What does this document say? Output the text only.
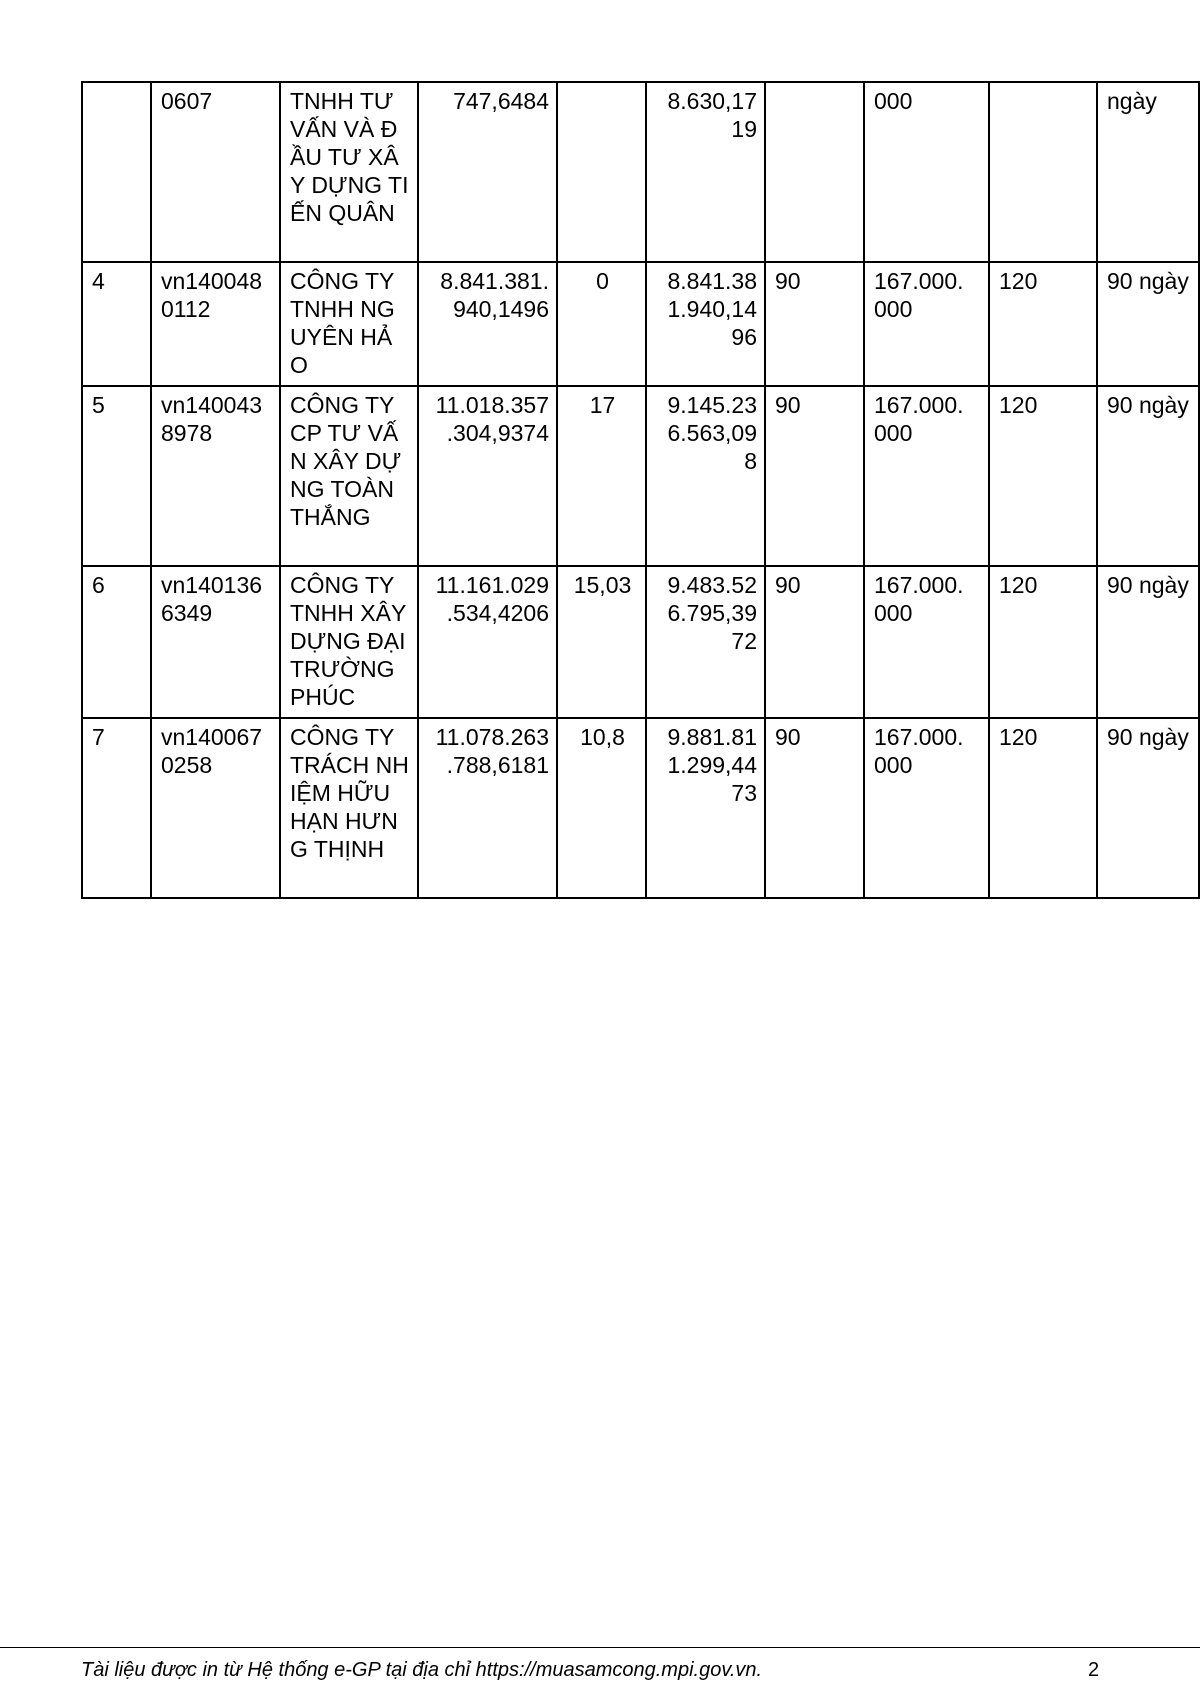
	0607	TNHH TƯ VẤN VÀ ĐẦU TƯ XÂY DỰNG TIẾN QUÂN	747,6484		8.630,17 19		000		ngày
4	vn140048 0112	CÔNG TY TNHH NGUYÊN HẢO	8.841.381. 940,1496	0	8.841.38 1.940,14 96	90	167.000. 000	120	90 ngày
5	vn140043 8978	CÔNG TY CP TƯ VẤN XÂY DỰNG TOÀN THẮNG	11.018.357 .304,9374	17	9.145.23 6.563,09 8	90	167.000. 000	120	90 ngày
6	vn140136 6349	CÔNG TY TNHH XÂY DỰNG ĐẠI TRƯỜNG PHÚC	11.161.029 .534,4206	15,03	9.483.52 6.795,39 72	90	167.000. 000	120	90 ngày
7	vn140067 0258	CÔNG TY TRÁCH NHIỆM HỮU HẠN HƯNG THỊNH	11.078.263 .788,6181	10,8	9.881.81 1.299,44 73	90	167.000. 000	120	90 ngày
Tài liệu được in từ Hệ thống e-GP tại địa chỉ https://muasamcong.mpi.gov.vn.	2
